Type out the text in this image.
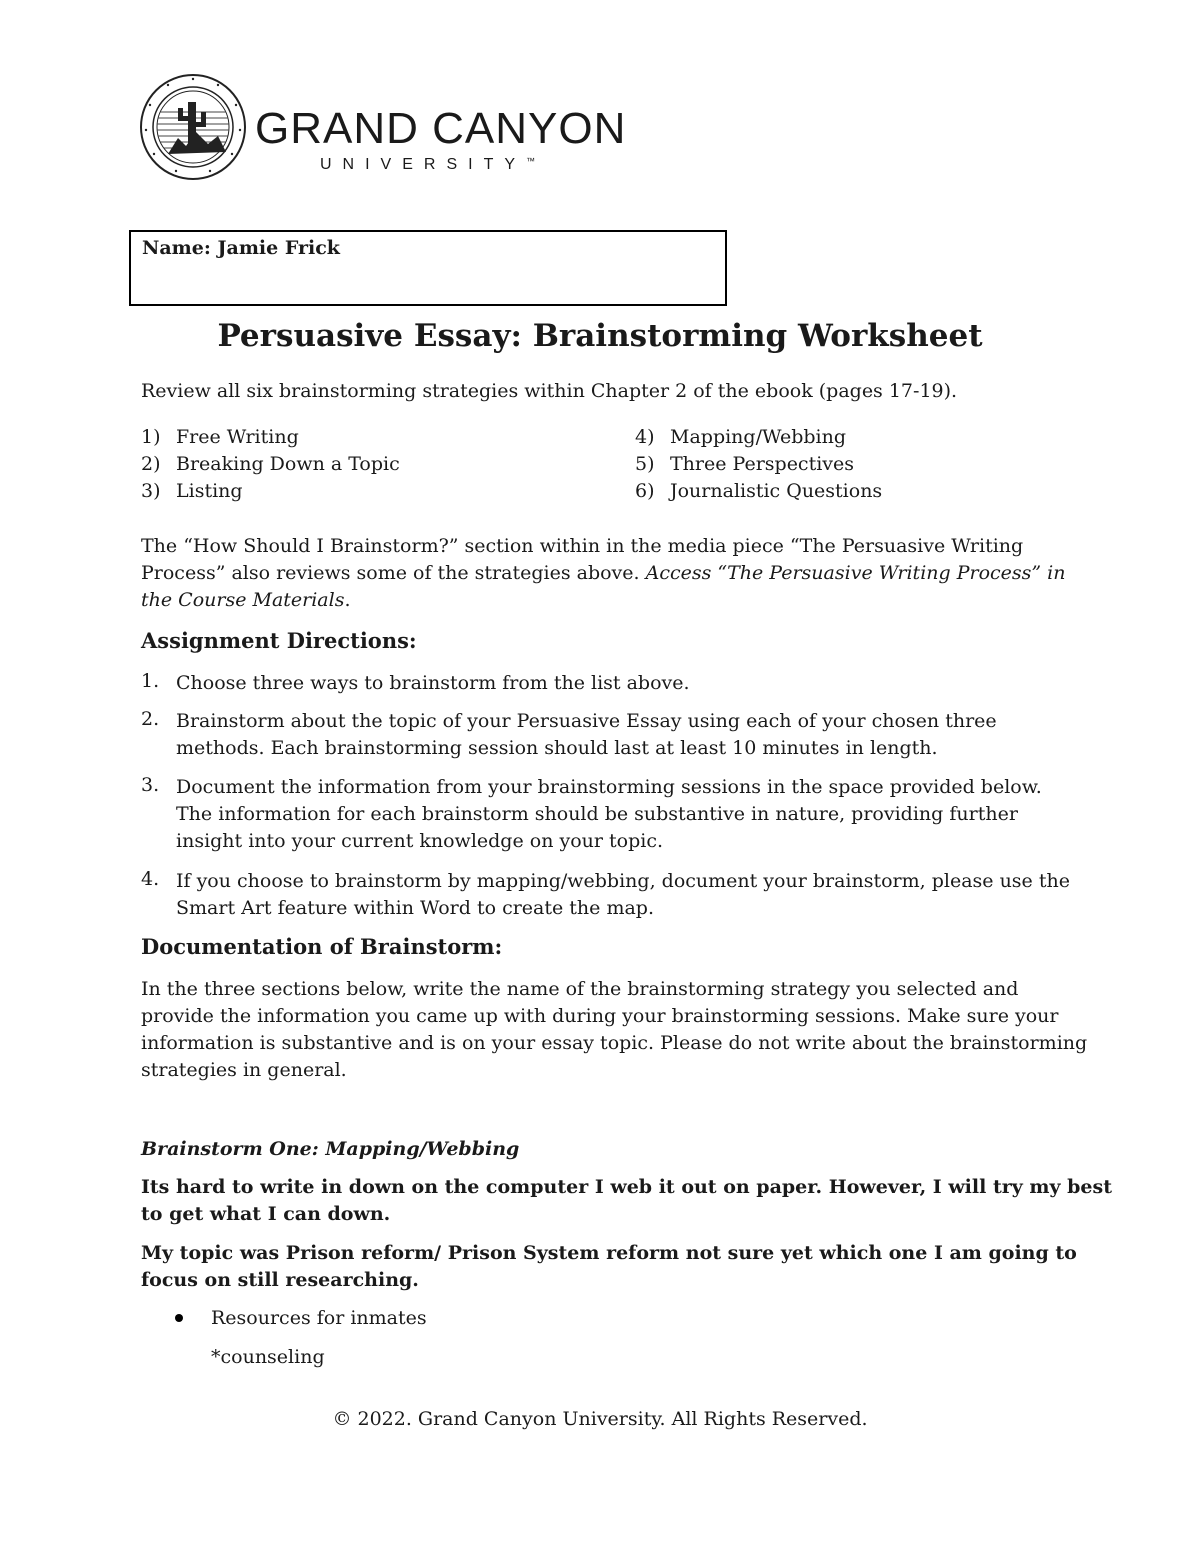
GRAND CANYON
UNIVERSITY™
Name: Jamie Frick
Persuasive Essay: Brainstorming Worksheet
Review all six brainstorming strategies within Chapter 2 of the ebook (pages 17-19).
1) Free Writing
2) Breaking Down a Topic
3) Listing
4) Mapping/Webbing
5) Three Perspectives
6) Journalistic Questions
The “How Should I Brainstorm?” section within in the media piece “The Persuasive Writing
Process” also reviews some of the strategies above. Access “The Persuasive Writing Process” in
the Course Materials.
Assignment Directions:
1. Choose three ways to brainstorm from the list above.
2. Brainstorm about the topic of your Persuasive Essay using each of your chosen three
methods. Each brainstorming session should last at least 10 minutes in length.
3. Document the information from your brainstorming sessions in the space provided below.
The information for each brainstorm should be substantive in nature, providing further
insight into your current knowledge on your topic.
4. If you choose to brainstorm by mapping/webbing, document your brainstorm, please use the
Smart Art feature within Word to create the map.
Documentation of Brainstorm:
In the three sections below, write the name of the brainstorming strategy you selected and
provide the information you came up with during your brainstorming sessions. Make sure your
information is substantive and is on your essay topic. Please do not write about the brainstorming
strategies in general.
Brainstorm One: Mapping/Webbing
Its hard to write in down on the computer I web it out on paper. However, I will try my best
to get what I can down.
My topic was Prison reform/ Prison System reform not sure yet which one I am going to
focus on still researching.
Resources for inmates
*counseling
© 2022. Grand Canyon University. All Rights Reserved.
